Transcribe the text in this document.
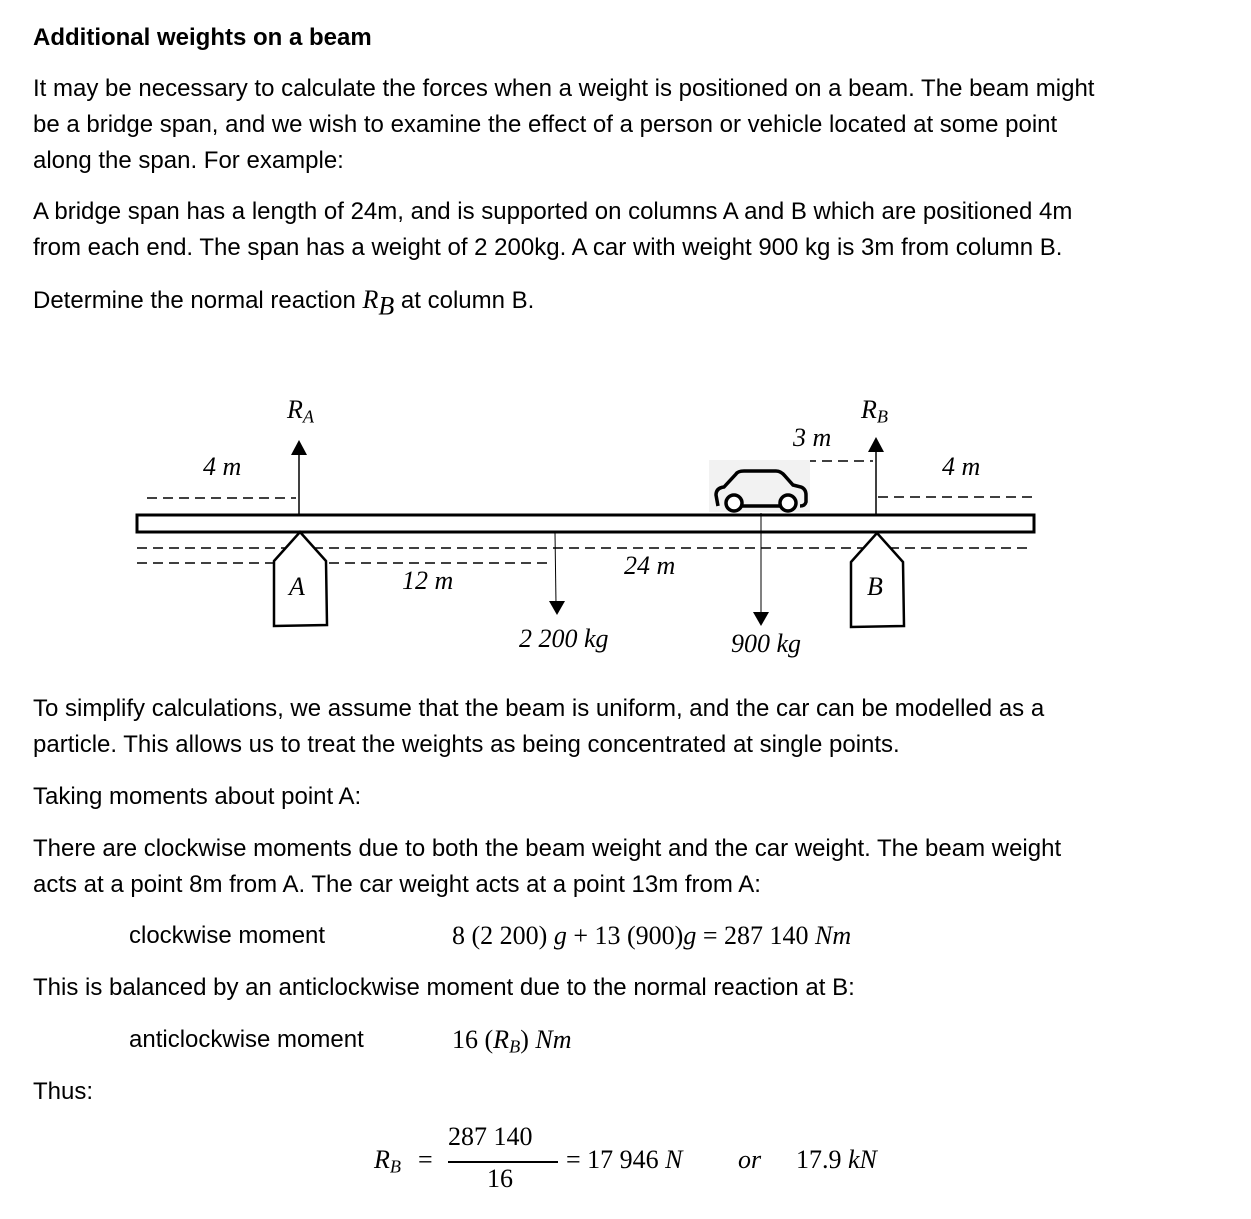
Additional weights on a beam
It may be necessary to calculate the forces when a weight is positioned on a beam. The beam might
be a bridge span, and we wish to examine the effect of a person or vehicle located at some point
along the span. For example:
A bridge span has a length of 24m, and is supported on columns A and B which are positioned 4m
from each end. The span has a weight of 2 200kg. A car with weight 900 kg is 3m from column B.
Determine the normal reaction $R_B$ at column B.
$R_A$	$R_B$
4 m	4 m
3 m
12 m
24 m
A	B
2 200 kg	900 kg
To simplify calculations, we assume that the beam is uniform, and the car can be modelled as a
particle. This allows us to treat the weights as being concentrated at single points.
Taking moments about point A:
There are clockwise moments due to both the beam weight and the car weight. The beam weight
acts at a point 8m from A. The car weight acts at a point 13m from A:
clockwise moment	8 (2 200) g + 13 (900)g = 287 140 Nm
This is balanced by an anticlockwise moment due to the normal reaction at B:
anticlockwise moment	16 $(R_B)$ Nm
Thus:
$R_B$ =
287 140
16
= 17 946 N or 17.9 kN
